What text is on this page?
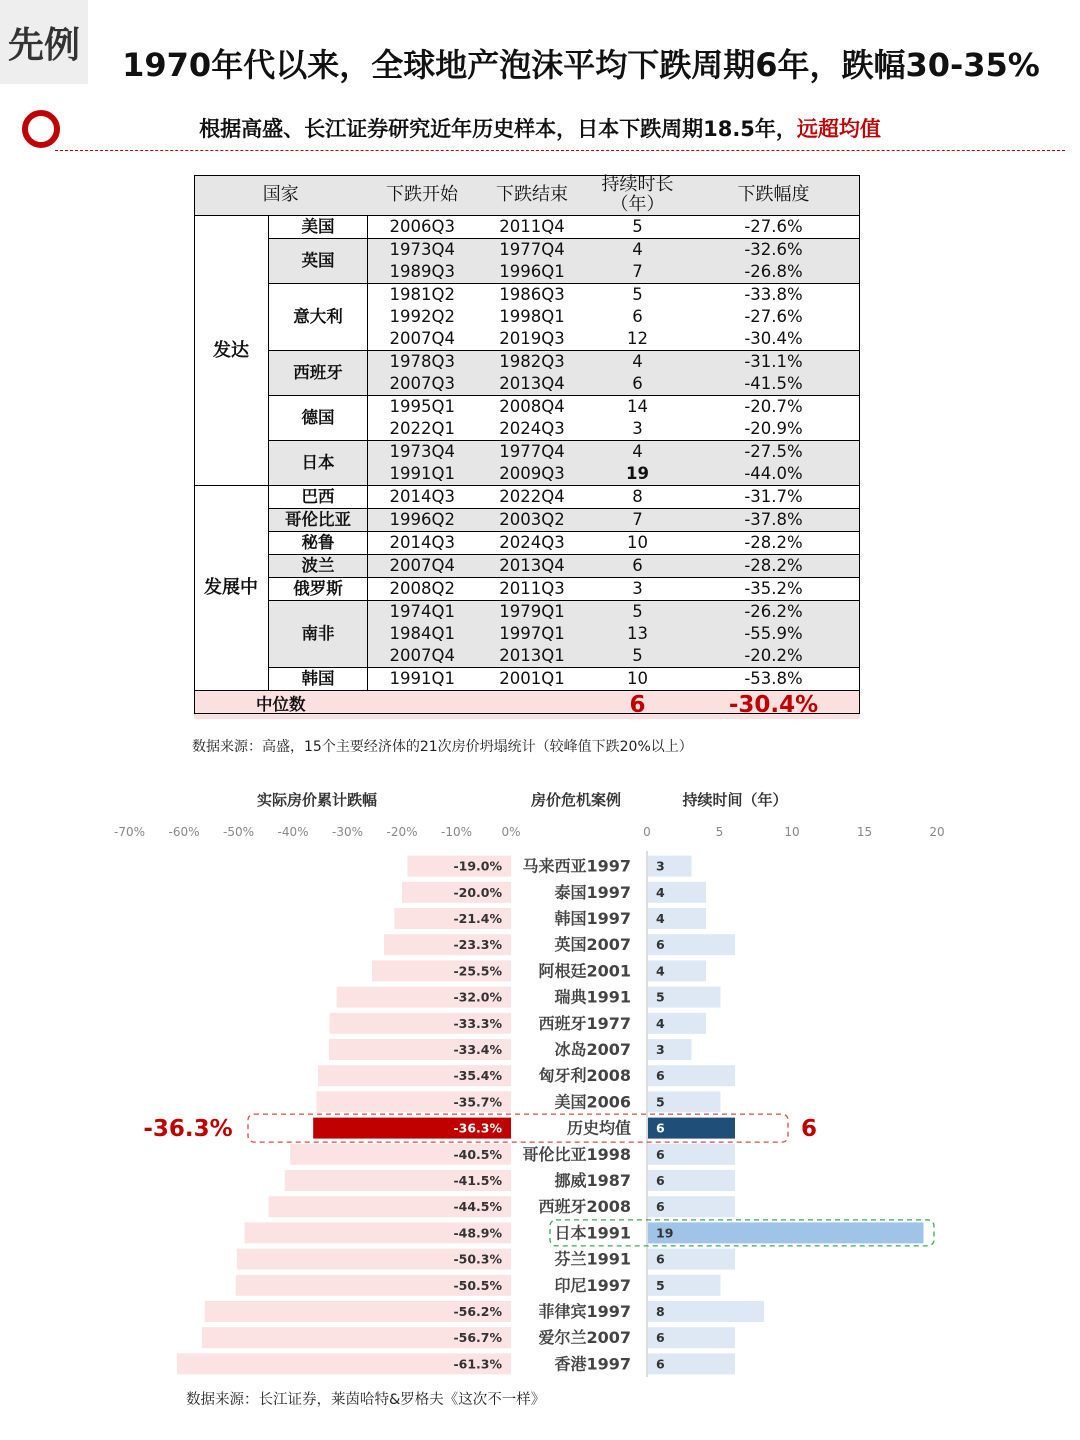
先例	1970年代以来，全球地产泡沫平均下跌周期6年，跌幅30-35%
根据高盛、长江证券研究近年历史样本，日本下跌周期18.5年，远超均值
国家		下跌开始	下跌结束	持续时长（年）	下跌幅度
发达	美国	2006Q3	2011Q4	5	-27.6%
	英国	1973Q4	1977Q4	4	-32.6%
		1989Q3	1996Q1	7	-26.8%
	意大利	1981Q2	1986Q3	5	-33.8%
		1992Q2	1998Q1	6	-27.6%
		2007Q4	2019Q3	12	-30.4%
	西班牙	1978Q3	1982Q3	4	-31.1%
		2007Q3	2013Q4	6	-41.5%
	德国	1995Q1	2008Q4	14	-20.7%
		2022Q1	2024Q3	3	-20.9%
	日本	1973Q4	1977Q4	4	-27.5%
		1991Q1	2009Q3	19	-44.0%
发展中	巴西	2014Q3	2022Q4	8	-31.7%
	哥伦比亚	1996Q2	2003Q2	7	-37.8%
	秘鲁	2014Q3	2024Q3	10	-28.2%
	波兰	2007Q4	2013Q4	6	-28.2%
	俄罗斯	2008Q2	2011Q3	3	-35.2%
	南非	1974Q1	1979Q1	5	-26.2%
		1984Q1	1997Q1	13	-55.9%
		2007Q4	2013Q1	5	-20.2%
	韩国	1991Q1	2001Q1	10	-53.8%
中位数				6	-30.4%
数据来源：高盛，15个主要经济体的21次房价坍塌统计（较峰值下跌20%以上）
实际房价累计跌幅	房价危机案例	持续时间（年）
-70% -60% -50% -40% -30% -20% -10% 0%	0	5	10	15	20
-19.0% 马来西亚1997 3
-20.0%	泰国1997 4
-21.4%	韩国1997 4
-23.3%	英国2007 6
-25.5% 阿根廷2001 4
-32.0%	瑞典1991 5
-33.3% 西班牙1977 4
-33.4%	冰岛2007 3
-35.4% 匈牙利2008 6
-35.7%	美国2006 5
-36.3%	历史均值 6
-40.5% 哥伦比亚1998 6
-41.5%	挪威1987 6
-44.5% 西班牙2008 6
-48.9%	日本1991 19
-50.3%	芬兰1991 6
-50.5%	印尼1997 5
-56.2% 菲律宾1997 8
-56.7% 爱尔兰2007 6
-61.3%	香港1997 6
-36.3%	6
数据来源：长江证券，莱茵哈特&罗格夫《这次不一样》
